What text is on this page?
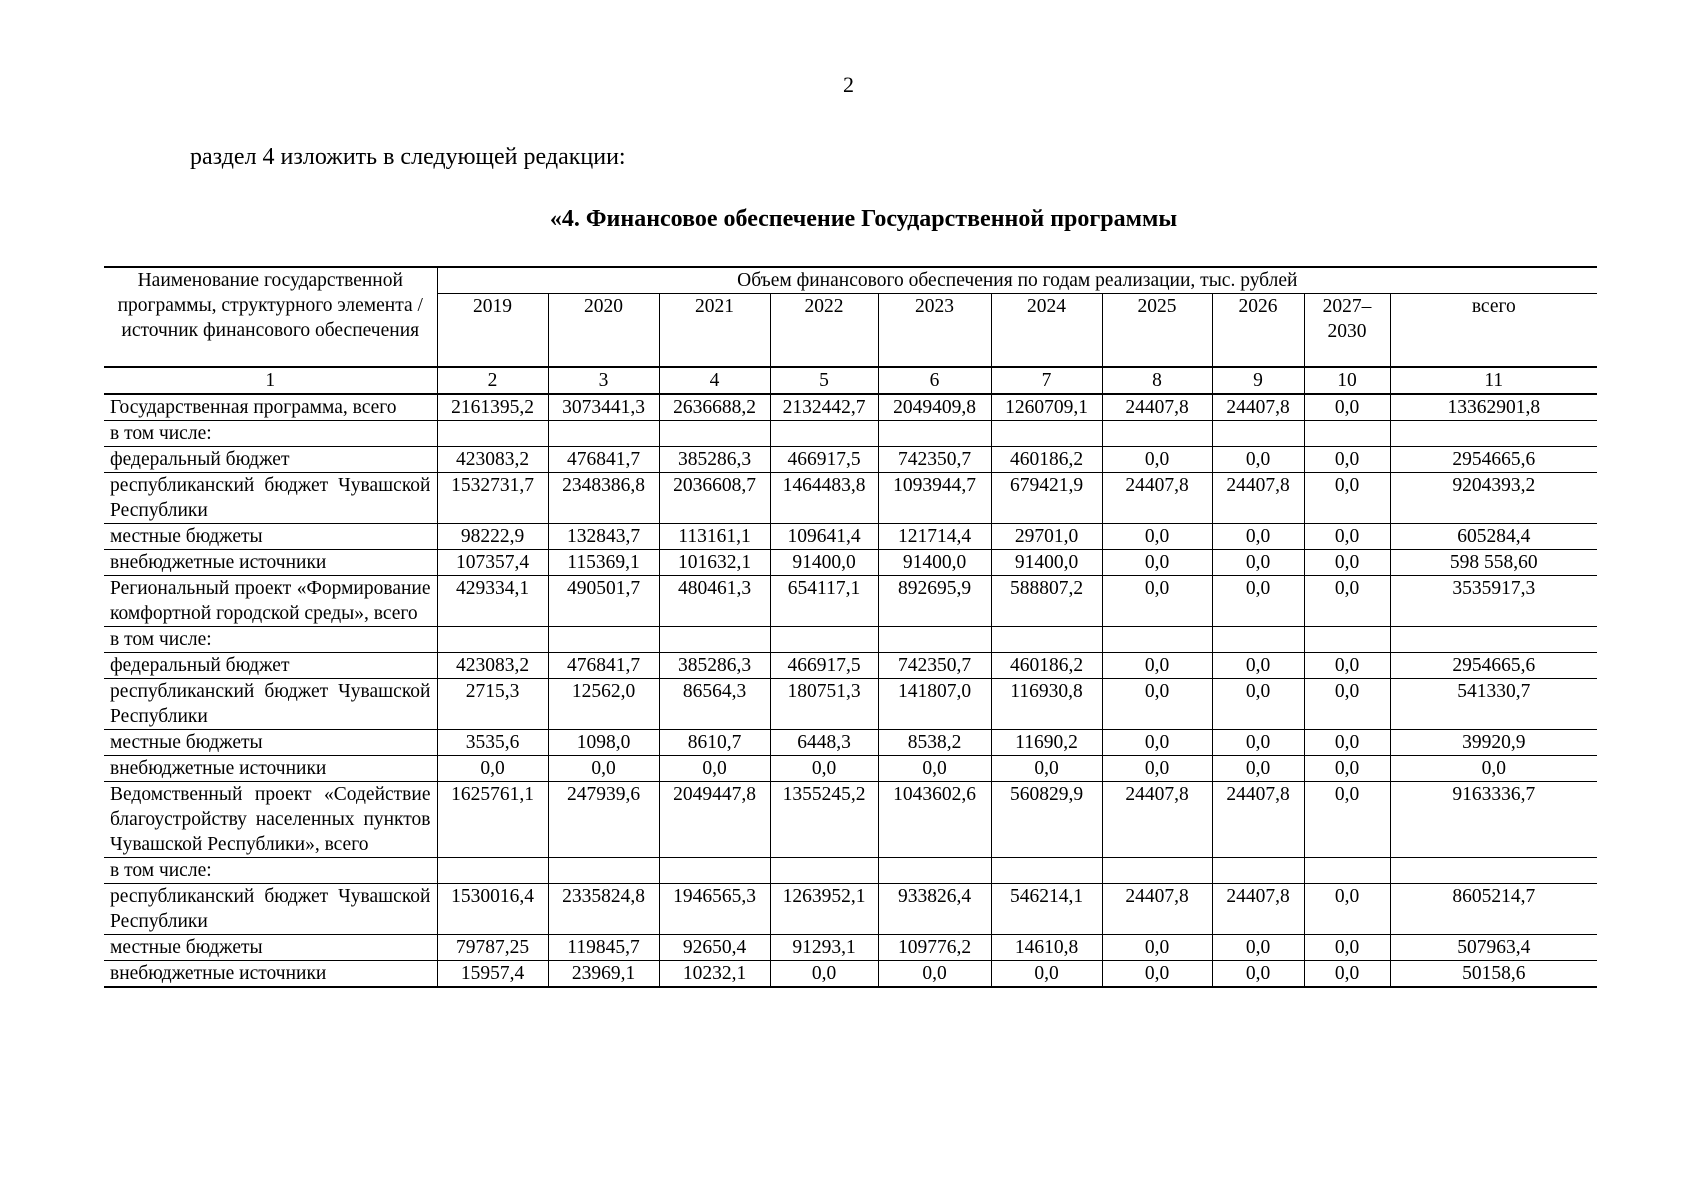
2
раздел 4 изложить в следующей редакции:
«4. Финансовое обеспечение Государственной программы
Наименование государственной программы, структурного элемента / источник финансового обеспечения	Объем финансового обеспечения по годам реализации, тыс. рублей									
	2019	2020	2021	2022	2023	2024	2025	2026	2027–2030	всего
1	2	3	4	5	6	7	8	9	10	11
Государственная программа, всего	2161395,2	3073441,3	2636688,2	2132442,7	2049409,8	1260709,1	24407,8	24407,8	0,0	13362901,8
в том числе:										
федеральный бюджет	423083,2	476841,7	385286,3	466917,5	742350,7	460186,2	0,0	0,0	0,0	2954665,6
республиканский бюджет Чувашской Республики	1532731,7	2348386,8	2036608,7	1464483,8	1093944,7	679421,9	24407,8	24407,8	0,0	9204393,2
местные бюджеты	98222,9	132843,7	113161,1	109641,4	121714,4	29701,0	0,0	0,0	0,0	605284,4
внебюджетные источники	107357,4	115369,1	101632,1	91400,0	91400,0	91400,0	0,0	0,0	0,0	598 558,60
Региональный проект «Формирование комфортной городской среды», всего	429334,1	490501,7	480461,3	654117,1	892695,9	588807,2	0,0	0,0	0,0	3535917,3
в том числе:										
федеральный бюджет	423083,2	476841,7	385286,3	466917,5	742350,7	460186,2	0,0	0,0	0,0	2954665,6
республиканский бюджет Чувашской Республики	2715,3	12562,0	86564,3	180751,3	141807,0	116930,8	0,0	0,0	0,0	541330,7
местные бюджеты	3535,6	1098,0	8610,7	6448,3	8538,2	11690,2	0,0	0,0	0,0	39920,9
внебюджетные источники	0,0	0,0	0,0	0,0	0,0	0,0	0,0	0,0	0,0	0,0
Ведомственный проект «Содействие благоустройству населенных пунктов Чувашской Республики», всего	1625761,1	247939,6	2049447,8	1355245,2	1043602,6	560829,9	24407,8	24407,8	0,0	9163336,7
в том числе:										
республиканский бюджет Чувашской Республики	1530016,4	2335824,8	1946565,3	1263952,1	933826,4	546214,1	24407,8	24407,8	0,0	8605214,7
местные бюджеты	79787,25	119845,7	92650,4	91293,1	109776,2	14610,8	0,0	0,0	0,0	507963,4
внебюджетные источники	15957,4	23969,1	10232,1	0,0	0,0	0,0	0,0	0,0	0,0	50158,6
